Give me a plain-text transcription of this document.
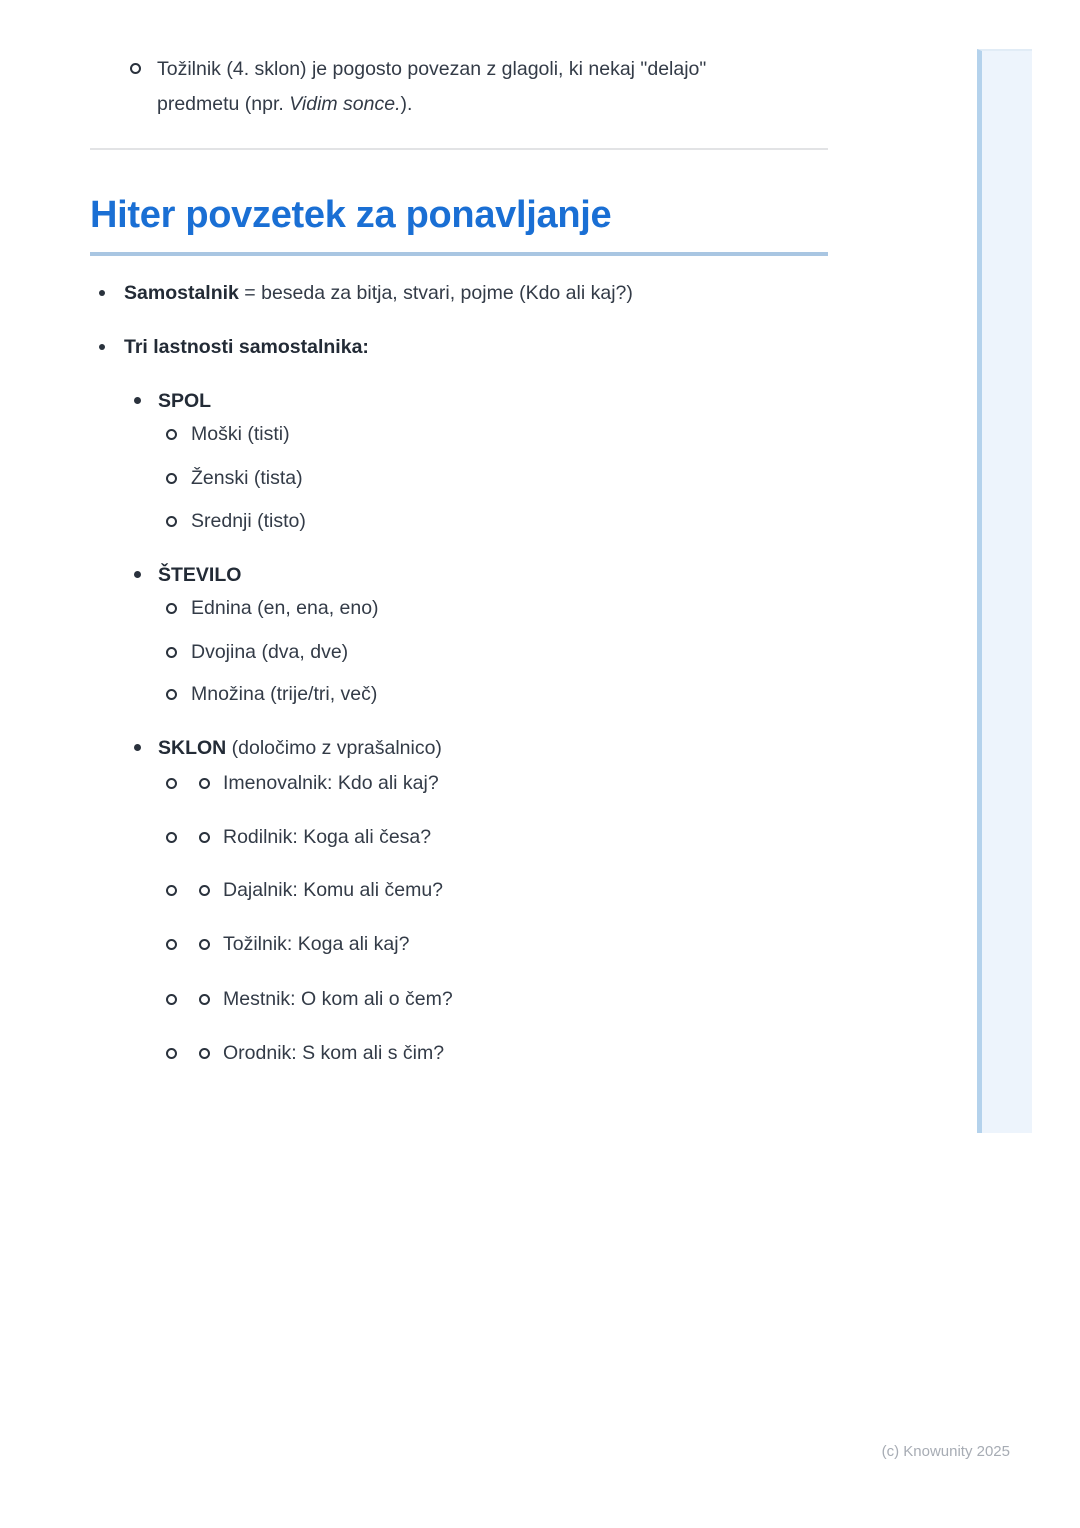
Tožilnik (4. sklon) je pogosto povezan z glagoli, ki nekaj "delajo"
predmetu (npr. Vidim sonce.).
Hiter povzetek za ponavljanje
Samostalnik = beseda za bitja, stvari, pojme (Kdo ali kaj?)
Tri lastnosti samostalnika:
SPOL
Moški (tisti)
Ženski (tista)
Srednji (tisto)
ŠTEVILO
Ednina (en, ena, eno)
Dvojina (dva, dve)
Množina (trije/tri, več)
SKLON (določimo z vprašalnico)
Imenovalnik: Kdo ali kaj?
Rodilnik: Koga ali česa?
Dajalnik: Komu ali čemu?
Tožilnik: Koga ali kaj?
Mestnik: O kom ali o čem?
Orodnik: S kom ali s čim?
(c) Knowunity 2025
